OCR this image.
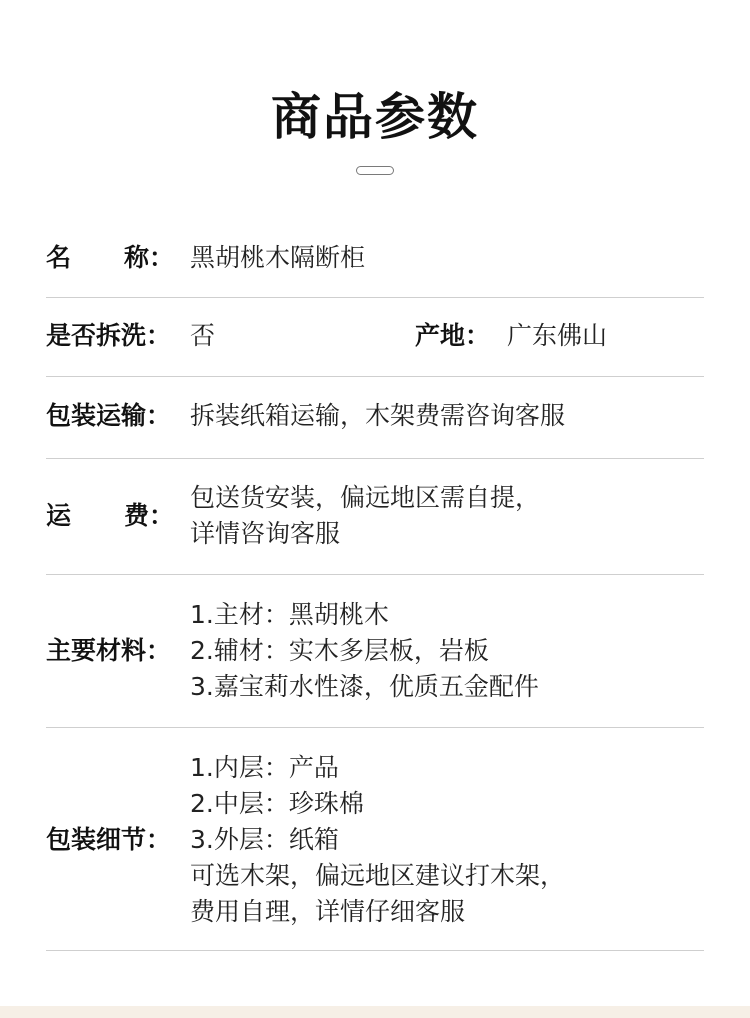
商品参数
名 称： 黑胡桃木隔断柜
是否拆洗： 否	产地： 广东佛山
包装运输： 拆装纸箱运输，木架费需咨询客服
运 费：
包送货安装，偏远地区需自提，
详情咨询客服
主要材料：
1.主材：黑胡桃木
2.辅材：实木多层板，岩板
3.嘉宝莉水性漆，优质五金配件
包装细节：
1.内层：产品
2.中层：珍珠棉
3.外层：纸箱
可选木架，偏远地区建议打木架，
费用自理，详情仔细客服
